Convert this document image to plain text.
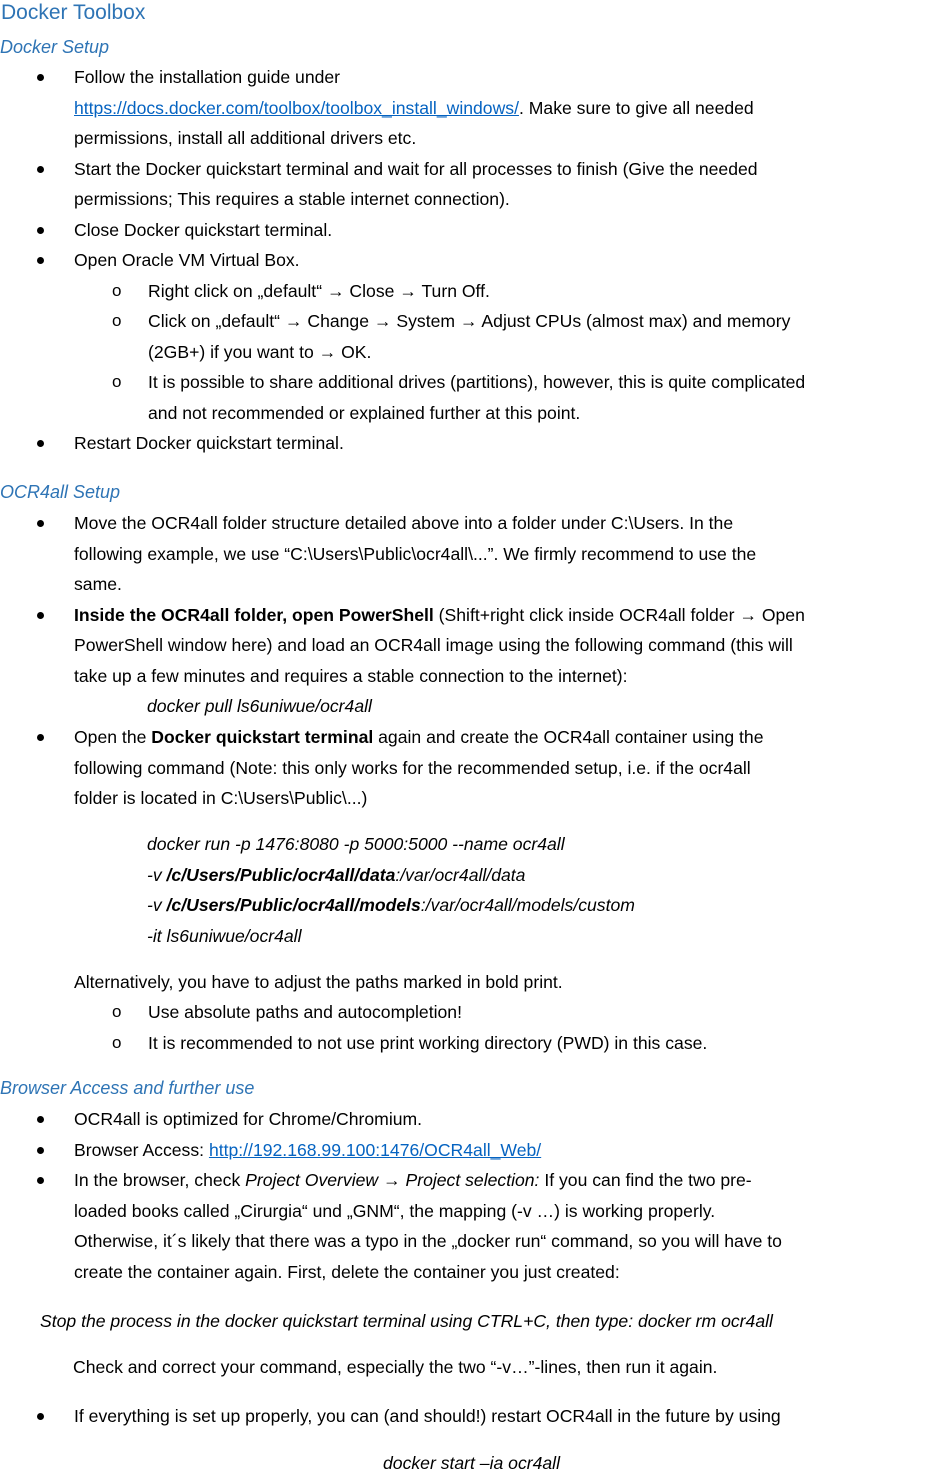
Docker Toolbox
Docker Setup
Follow the installation guide under
https://docs.docker.com/toolbox/toolbox_install_windows/. Make sure to give all needed
permissions, install all additional drivers etc.
Start the Docker quickstart terminal and wait for all processes to finish (Give the needed
permissions; This requires a stable internet connection).
Close Docker quickstart terminal.
Open Oracle VM Virtual Box.
o Right click on „default“ → Close → Turn Off.
o Click on „default“ → Change → System → Adjust CPUs (almost max) and memory
(2GB+) if you want to → OK.
o It is possible to share additional drives (partitions), however, this is quite complicated
and not recommended or explained further at this point.
Restart Docker quickstart terminal.
OCR4all Setup
Move the OCR4all folder structure detailed above into a folder under C:\Users. In the
following example, we use “C:\Users\Public\ocr4all\...”. We firmly recommend to use the
same.
Inside the OCR4all folder, open PowerShell (Shift+right click inside OCR4all folder → Open
PowerShell window here) and load an OCR4all image using the following command (this will
take up a few minutes and requires a stable connection to the internet):
docker pull ls6uniwue/ocr4all
Open the Docker quickstart terminal again and create the OCR4all container using the
following command (Note: this only works for the recommended setup, i.e. if the ocr4all
folder is located in C:\Users\Public\...)
docker run -p 1476:8080 -p 5000:5000 --name ocr4all
-v /c/Users/Public/ocr4all/data:/var/ocr4all/data
-v /c/Users/Public/ocr4all/models:/var/ocr4all/models/custom
-it ls6uniwue/ocr4all
Alternatively, you have to adjust the paths marked in bold print.
o Use absolute paths and autocompletion!
o It is recommended to not use print working directory (PWD) in this case.
Browser Access and further use
OCR4all is optimized for Chrome/Chromium.
Browser Access: http://192.168.99.100:1476/OCR4all_Web/
In the browser, check Project Overview → Project selection: If you can find the two pre-
loaded books called „Cirurgia“ und „GNM“, the mapping (-v …) is working properly.
Otherwise, it´s likely that there was a typo in the „docker run“ command, so you will have to
create the container again. First, delete the container you just created:
Stop the process in the docker quickstart terminal using CTRL+C, then type: docker rm ocr4all
Check and correct your command, especially the two “-v…”-lines, then run it again.
If everything is set up properly, you can (and should!) restart OCR4all in the future by using
docker start –ia ocr4all
